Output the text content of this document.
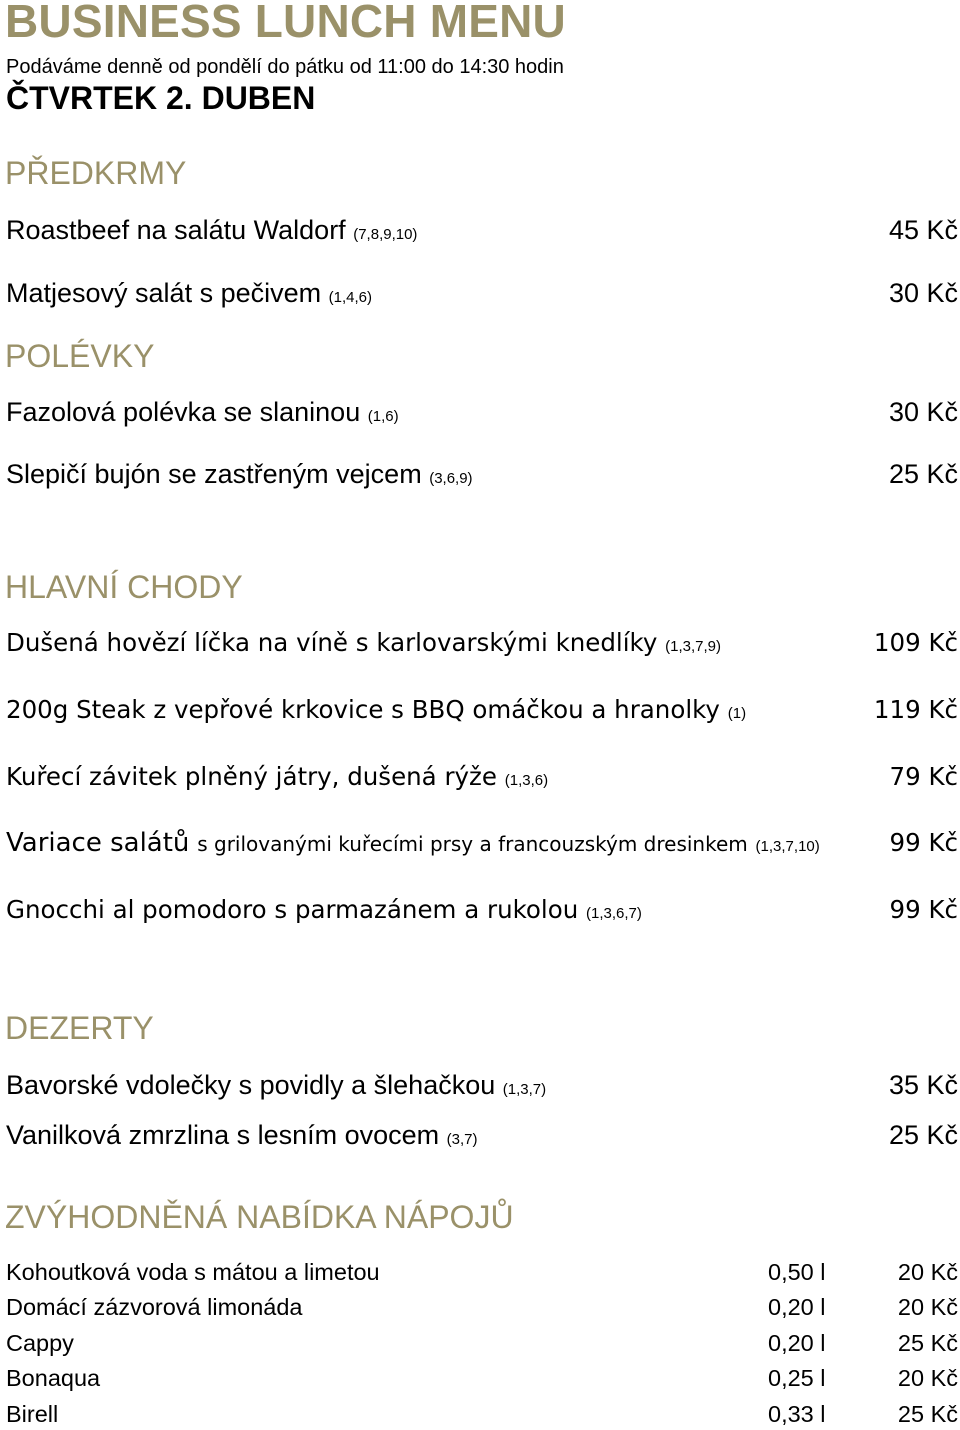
BUSINESS LUNCH MENU
Podáváme denně od pondělí do pátku od 11:00 do 14:30 hodin
ČTVRTEK 2. DUBEN
PŘEDKRMY
Roastbeef na salátu Waldorf (7,8,9,10)	45 Kč
Matjesový salát s pečivem (1,4,6)	30 Kč
POLÉVKY
Fazolová polévka se slaninou (1,6)	30 Kč
Slepičí bujón se zastřeným vejcem (3,6,9)	25 Kč
HLAVNÍ CHODY
Dušená hovězí líčka na víně s karlovarskými knedlíky (1,3,7,9)	109 Kč
200g Steak z vepřové krkovice s BBQ omáčkou a hranolky (1)	119 Kč
Kuřecí závitek plněný játry, dušená rýže (1,3,6)	79 Kč
Variace salátů s grilovanými kuřecími prsy a francouzským dresinkem (1,3,7,10)	99 Kč
Gnocchi al pomodoro s parmazánem a rukolou (1,3,6,7)	99 Kč
DEZERTY
Bavorské vdolečky s povidly a šlehačkou (1,3,7)	35 Kč
Vanilková zmrzlina s lesním ovocem (3,7)	25 Kč
ZVÝHODNĚNÁ NABÍDKA NÁPOJŮ
Kohoutková voda s mátou a limetou	0,50 l	20 Kč
Domácí zázvorová limonáda	0,20 l	20 Kč
Cappy	0,20 l	25 Kč
Bonaqua	0,25 l	20 Kč
Birell	0,33 l	25 Kč
